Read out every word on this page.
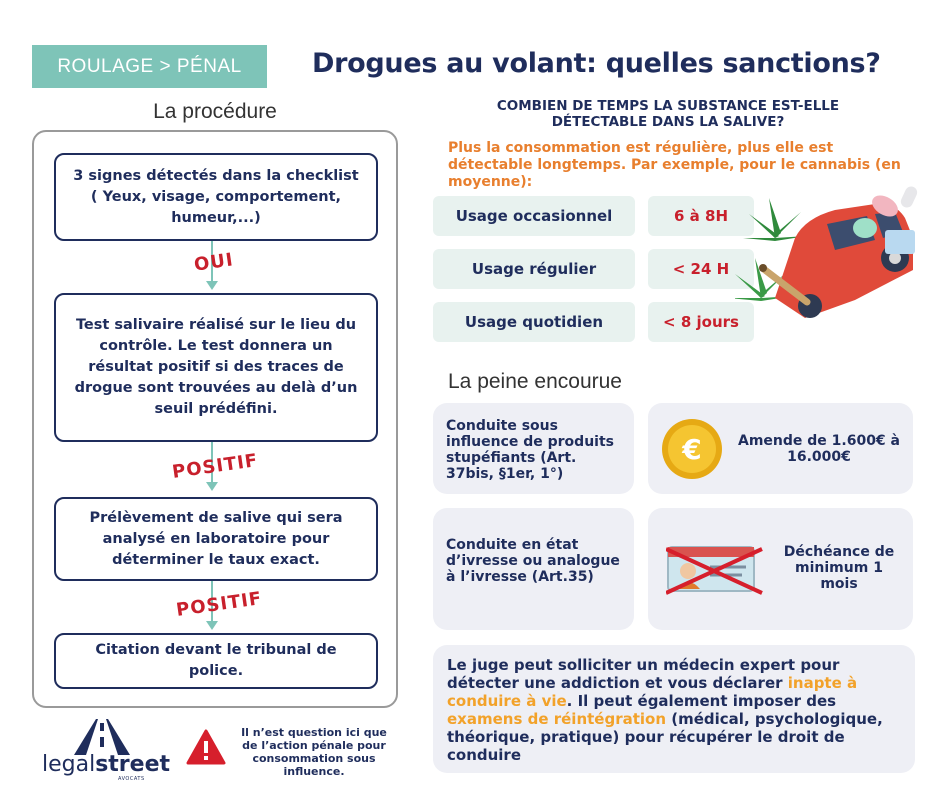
ROULAGE > PÉNAL	Drogues au volant: quelles sanctions?
La procédure
3 signes détectés dans la checklist ( Yeux, visage, comportement, humeur,...)
OUI
Test salivaire réalisé sur le lieu du contrôle. Le test donnera un résultat positif si des traces de drogue sont trouvées au delà d’un seuil prédéfini.
POSITIF
Prélèvement de salive qui sera analysé en laboratoire pour déterminer le taux exact.
POSITIF
Citation devant le tribunal de police.
COMBIEN DE TEMPS LA SUBSTANCE EST-ELLE DÉTECTABLE DANS LA SALIVE?
Plus la consommation est régulière, plus elle est détectable longtemps. Par exemple, pour le cannabis (en moyenne):
Usage occasionnel	6 à 8H
Usage régulier	< 24 H
Usage quotidien	< 8 jours
La peine encourue
Conduite sous influence de produits stupéfiants (Art. 37bis, §1er, 1°)
€	Amende de 1.600€ à 16.000€
Conduite en état d’ivresse ou analogue à l’ivresse (Art.35)
Déchéance de minimum 1 mois
Le juge peut solliciter un médecin expert pour détecter une addiction et vous déclarer inapte à conduire à vie. Il peut également imposer des examens de réintégration (médical, psychologique, théorique, pratique) pour récupérer le droit de conduire
legalstreet
AVOCATS
Il n’est question ici que de l’action pénale pour consommation sous influence.
